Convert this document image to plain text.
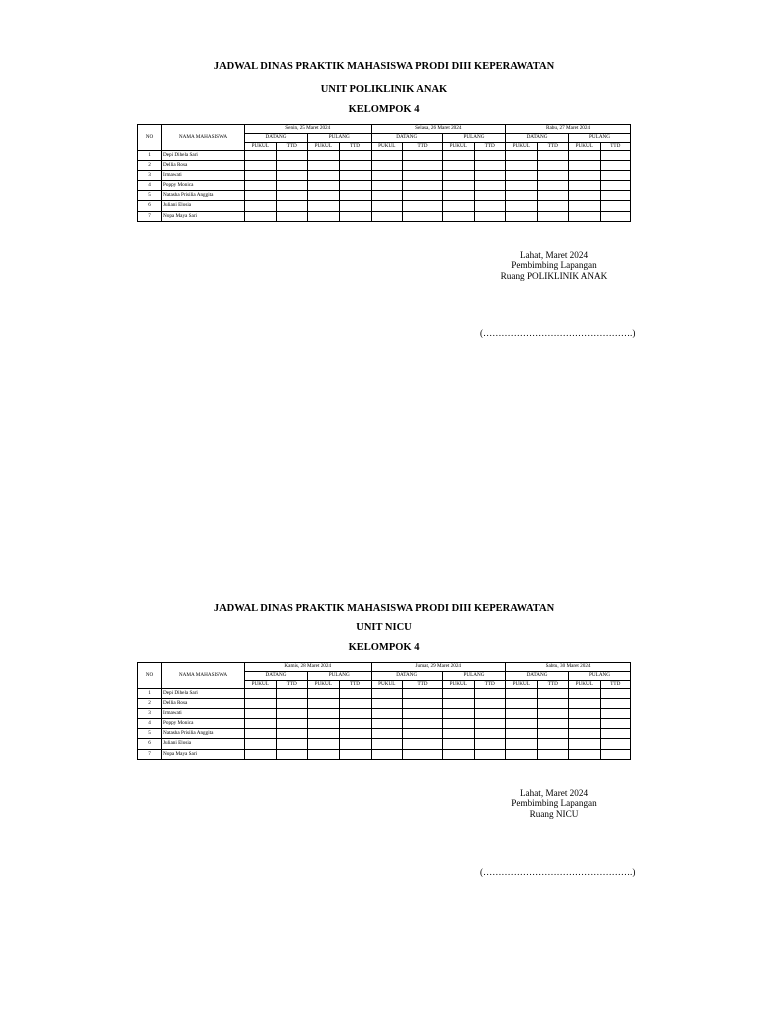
JADWAL DINAS PRAKTIK MAHASISWA PRODI DIII KEPERAWATAN
UNIT POLIKLINIK ANAK
KELOMPOK 4
NO	NAMA MAHASISWA	Senin, 25 Maret 2024				Selasa, 26 Maret 2024				Rabu, 27 Maret 2024			
		DATANG		PULANG		DATANG		PULANG		DATANG		PULANG	
		PUKUL	TTD	PUKUL	TTD	PUKUL	TTD	PUKUL	TTD	PUKUL	TTD	PUKUL	TTD
1	Depi Dihela Sari												
2	Dellia Rosa												
3	Irmawati												
4	Poppy Monica												
5	Natasha Prisilia Anggita												
6	Juliani Elosia												
7	Nopa Maya Sari												
Lahat, Maret 2024
Pembimbing Lapangan
Ruang POLIKLINIK ANAK
(………………………………………….)
JADWAL DINAS PRAKTIK MAHASISWA PRODI DIII KEPERAWATAN
UNIT NICU
KELOMPOK 4
NO	NAMA MAHASISWA	Kamis, 28 Maret 2024				Jumat, 29 Maret 2024				Sabtu, 30 Maret 2024			
		DATANG		PULANG		DATANG		PULANG		DATANG		PULANG	
		PUKUL	TTD	PUKUL	TTD	PUKUL	TTD	PUKUL	TTD	PUKUL	TTD	PUKUL	TTD
1	Depi Dihela Sari												
2	Dellia Rosa												
3	Irmawati												
4	Poppy Monica												
5	Natasha Prisilia Anggita												
6	Juliani Elosia												
7	Nopa Maya Sari												
Lahat, Maret 2024
Pembimbing Lapangan
Ruang NICU
(………………………………………….)
